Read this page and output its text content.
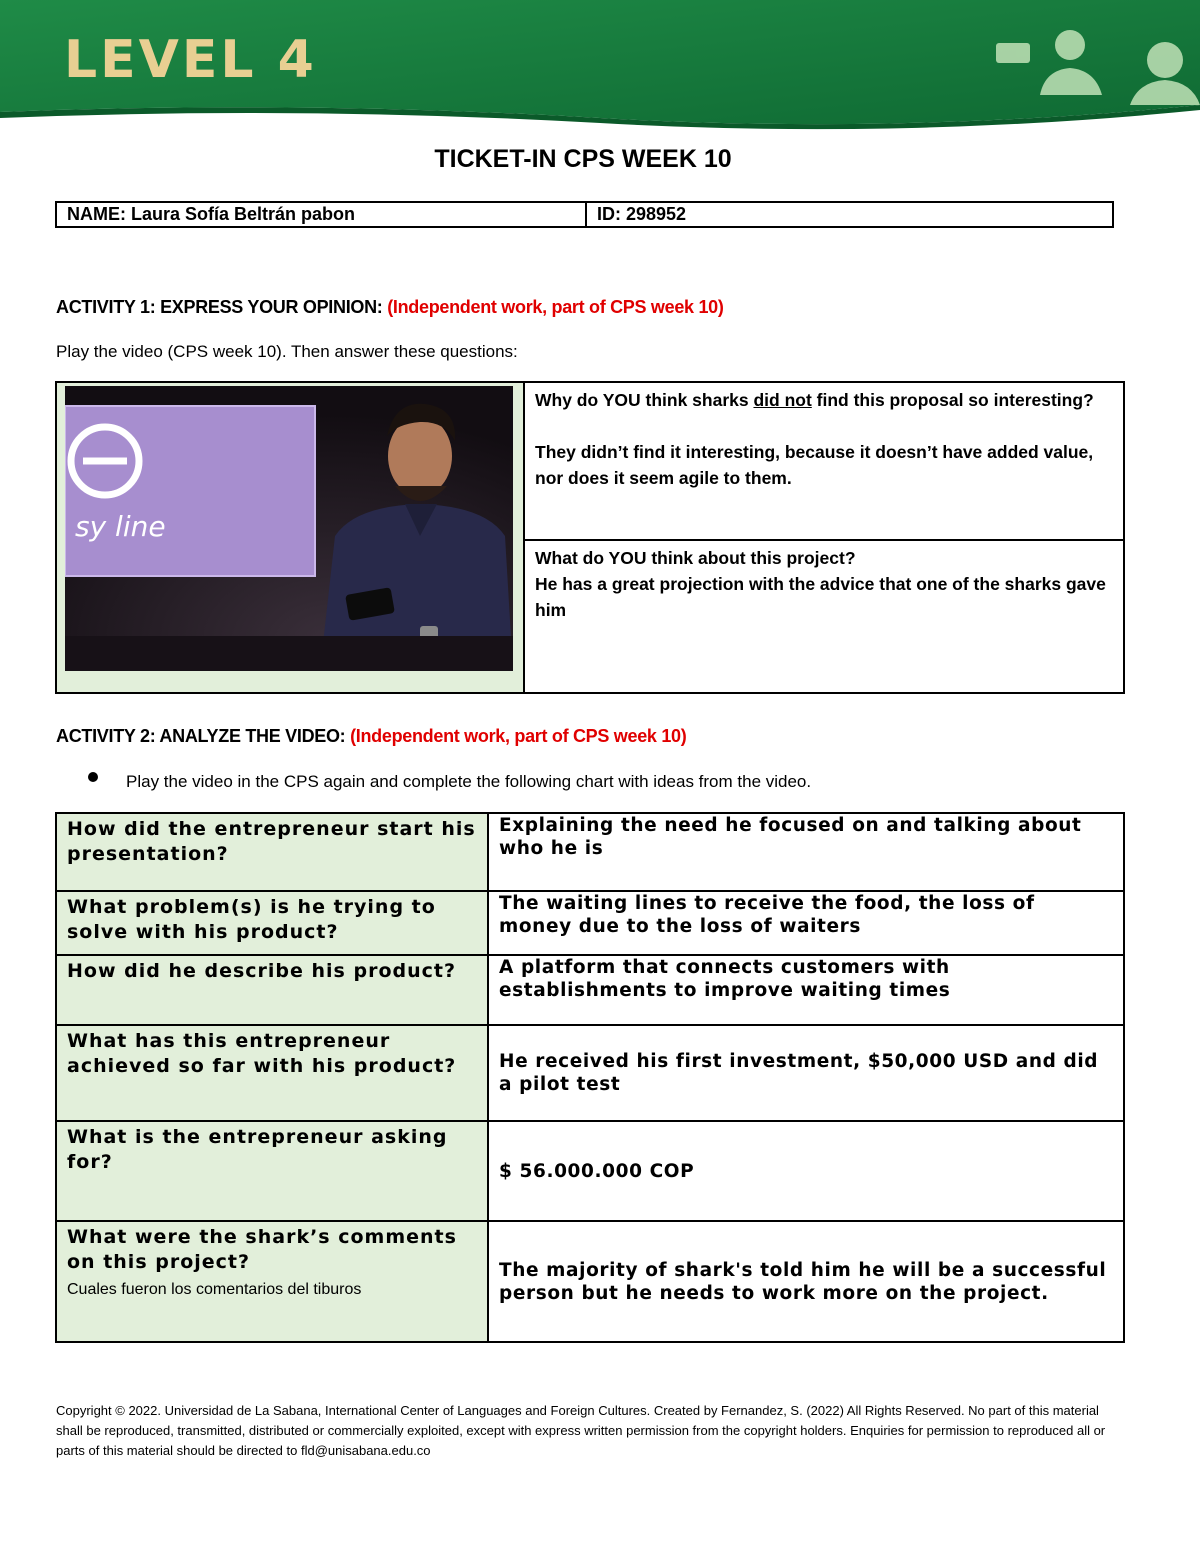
LEVEL 4
TICKET-IN CPS WEEK 10
NAME: Laura Sofía Beltrán pabon	ID: 298952
ACTIVITY 1: EXPRESS YOUR OPINION: (Independent work, part of CPS week 10)
Play the video (CPS week 10). Then answer these questions:
sy line

Why do YOU think sharks did not find this proposal so interesting?

They didn’t find it interesting, because it doesn’t have added value, nor does it seem agile to them.

What do YOU think about this project?

He has a great projection with the advice that one of the sharks gave him

ACTIVITY 2: ANALYZE THE VIDEO: (Independent work, part of CPS week 10)
Play the video in the CPS again and complete the following chart with ideas from the video.
How did the entrepreneur start his presentation?	Explaining the need he focused on and talking about who he is
What problem(s) is he trying to solve with his product?	The waiting lines to receive the food, the loss of money due to the loss of waiters
How did he describe his product?	A platform that connects customers with establishments to improve waiting times
What has this entrepreneur achieved so far with his product?	He received his first investment, $50,000 USD and did a pilot test
What is the entrepreneur asking for?	$ 56.000.000 COP
What were the shark’s comments on this project?
Cuales fueron los comentarios del tiburos	The majority of shark's told him he will be a successful person but he needs to work more on the project.
Copyright © 2022. Universidad de La Sabana, International Center of Languages and Foreign Cultures. Created by Fernandez, S. (2022) All Rights Reserved. No part of this material shall be reproduced, transmitted, distributed or commercially exploited, except with express written permission from the copyright holders. Enquiries for permission to reproduced all or parts of this material should be directed to fld@unisabana.edu.co
